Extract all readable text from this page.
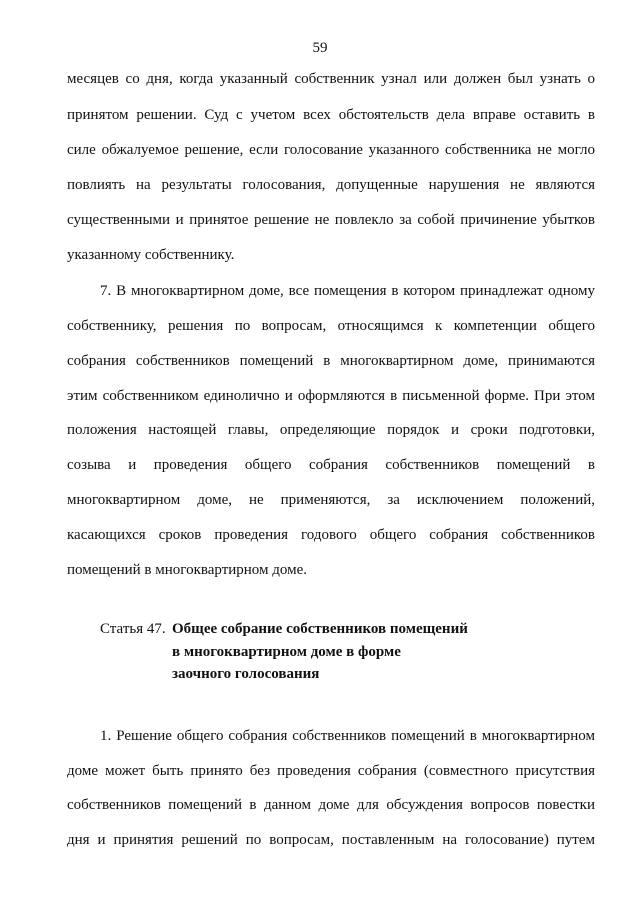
59
месяцев со дня, когда указанный собственник узнал или должен был узнать о
принятом решении. Суд с учетом всех обстоятельств дела вправе оставить в
силе обжалуемое решение, если голосование указанного собственника не могло
повлиять на результаты голосования, допущенные нарушения не являются
существенными и принятое решение не повлекло за собой причинение убытков
указанному собственнику.
7. В многоквартирном доме, все помещения в котором принадлежат одному
собственнику, решения по вопросам, относящимся к компетенции общего
собрания собственников помещений в многоквартирном доме, принимаются
этим собственником единолично и оформляются в письменной форме. При этом
положения настоящей главы, определяющие порядок и сроки подготовки,
созыва и проведения общего собрания собственников помещений в
многоквартирном доме, не применяются, за исключением положений,
касающихся сроков проведения годового общего собрания собственников
помещений в многоквартирном доме.
Статья 47. Общее собрание собственников помещений
в многоквартирном доме в форме
заочного голосования
1. Решение общего собрания собственников помещений в многоквартирном
доме может быть принято без проведения собрания (совместного присутствия
собственников помещений в данном доме для обсуждения вопросов повестки
дня и принятия решений по вопросам, поставленным на голосование) путем
